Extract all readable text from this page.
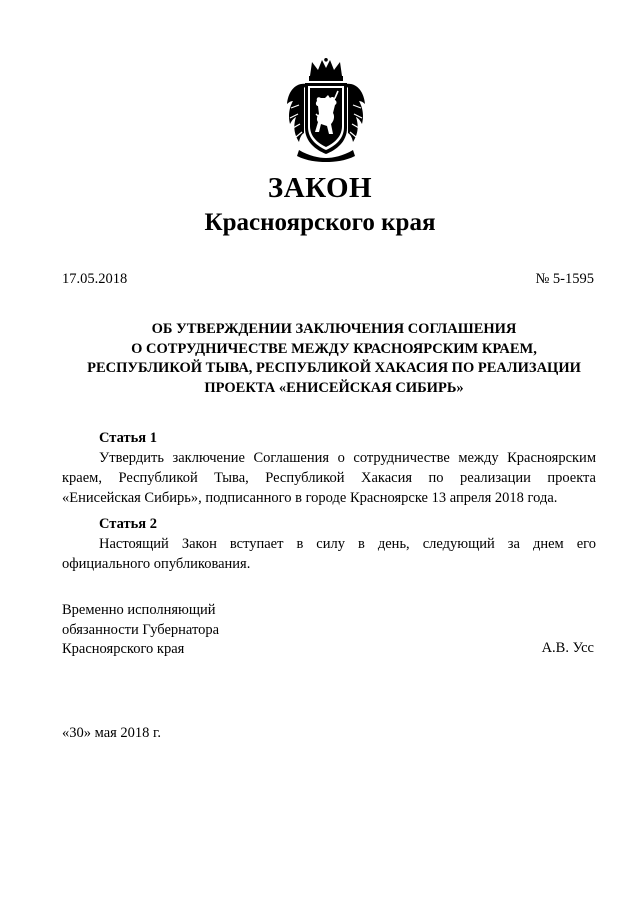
ЗАКОН
Красноярского края
17.05.2018	№ 5-1595
ОБ УТВЕРЖДЕНИИ ЗАКЛЮЧЕНИЯ СОГЛАШЕНИЯ
О СОТРУДНИЧЕСТВЕ МЕЖДУ КРАСНОЯРСКИМ КРАЕМ,
РЕСПУБЛИКОЙ ТЫВА, РЕСПУБЛИКОЙ ХАКАСИЯ ПО РЕАЛИЗАЦИИ
ПРОЕКТА «ЕНИСЕЙСКАЯ СИБИРЬ»
Статья 1
Утвердить заключение Соглашения о сотрудничестве между Красноярским
краем, Республикой Тыва, Республикой Хакасия по реализации проекта
«Енисейская Сибирь», подписанного в городе Красноярске 13 апреля 2018 года.
Статья 2
Настоящий Закон вступает в силу в день, следующий за днем его
официального опубликования.
Временно исполняющий
обязанности Губернатора
Красноярского края	А.В. Усс
«30» мая 2018 г.
